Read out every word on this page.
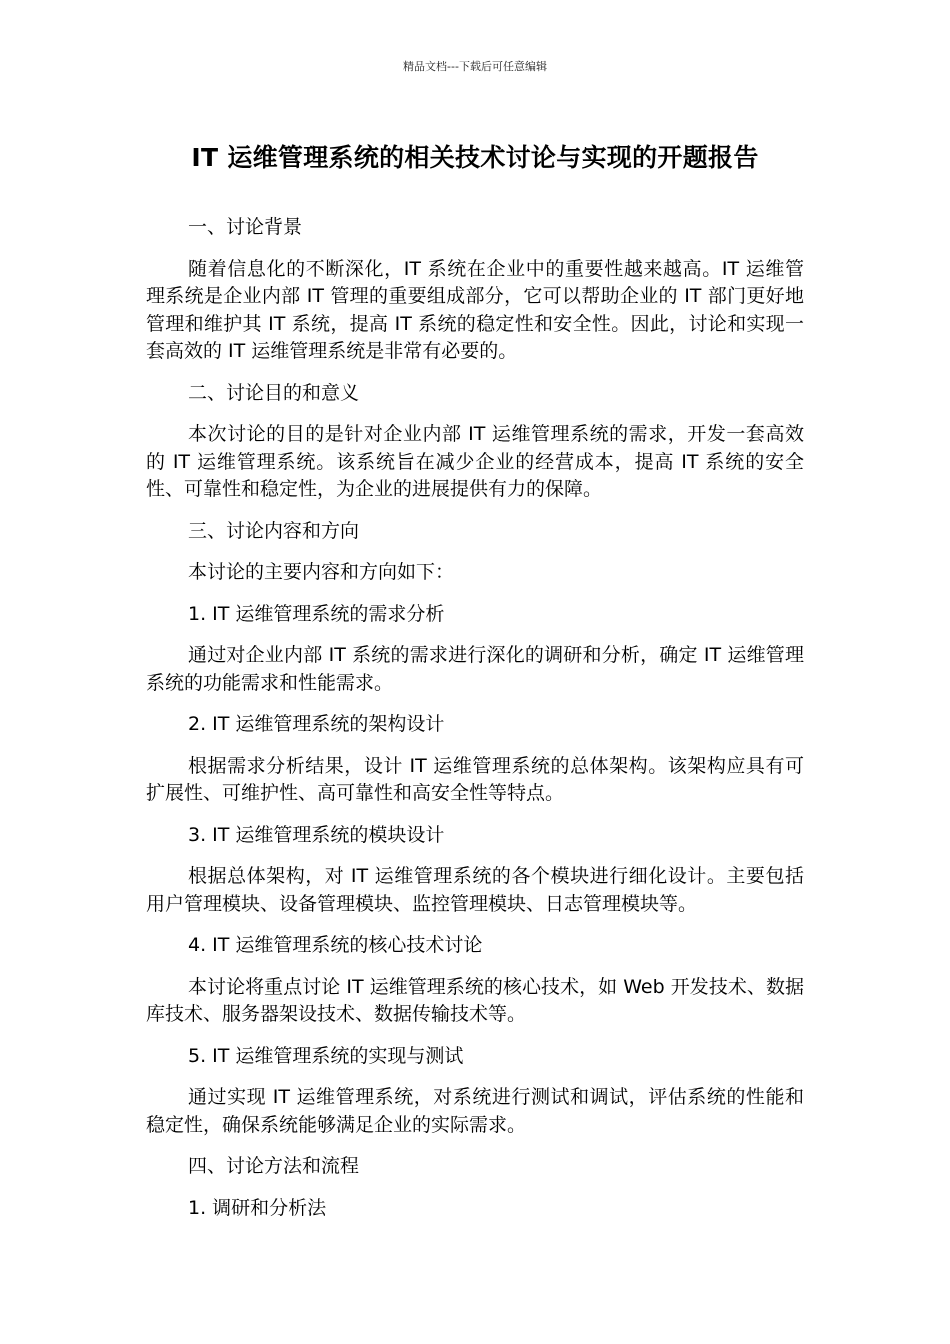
精品文档---下载后可任意编辑
IT 运维管理系统的相关技术讨论与实现的开题报告

一、讨论背景

随着信息化的不断深化，IT 系统在企业中的重要性越来越高。IT 运维管理系统是企业内部 IT 管理的重要组成部分，它可以帮助企业的 IT 部门更好地管理和维护其 IT 系统，提高 IT 系统的稳定性和安全性。因此，讨论和实现一套高效的 IT 运维管理系统是非常有必要的。

二、讨论目的和意义

本次讨论的目的是针对企业内部 IT 运维管理系统的需求，开发一套高效的 IT 运维管理系统。该系统旨在减少企业的经营成本，提高 IT 系统的安全性、可靠性和稳定性，为企业的进展提供有力的保障。

三、讨论内容和方向

本讨论的主要内容和方向如下：

1. IT 运维管理系统的需求分析

通过对企业内部 IT 系统的需求进行深化的调研和分析，确定 IT 运维管理系统的功能需求和性能需求。

2. IT 运维管理系统的架构设计

根据需求分析结果，设计 IT 运维管理系统的总体架构。该架构应具有可扩展性、可维护性、高可靠性和高安全性等特点。

3. IT 运维管理系统的模块设计

根据总体架构，对 IT 运维管理系统的各个模块进行细化设计。主要包括用户管理模块、设备管理模块、监控管理模块、日志管理模块等。

4. IT 运维管理系统的核心技术讨论

本讨论将重点讨论 IT 运维管理系统的核心技术，如 Web 开发技术、数据库技术、服务器架设技术、数据传输技术等。

5. IT 运维管理系统的实现与测试

通过实现 IT 运维管理系统，对系统进行测试和调试，评估系统的性能和稳定性，确保系统能够满足企业的实际需求。

四、讨论方法和流程

1. 调研和分析法
